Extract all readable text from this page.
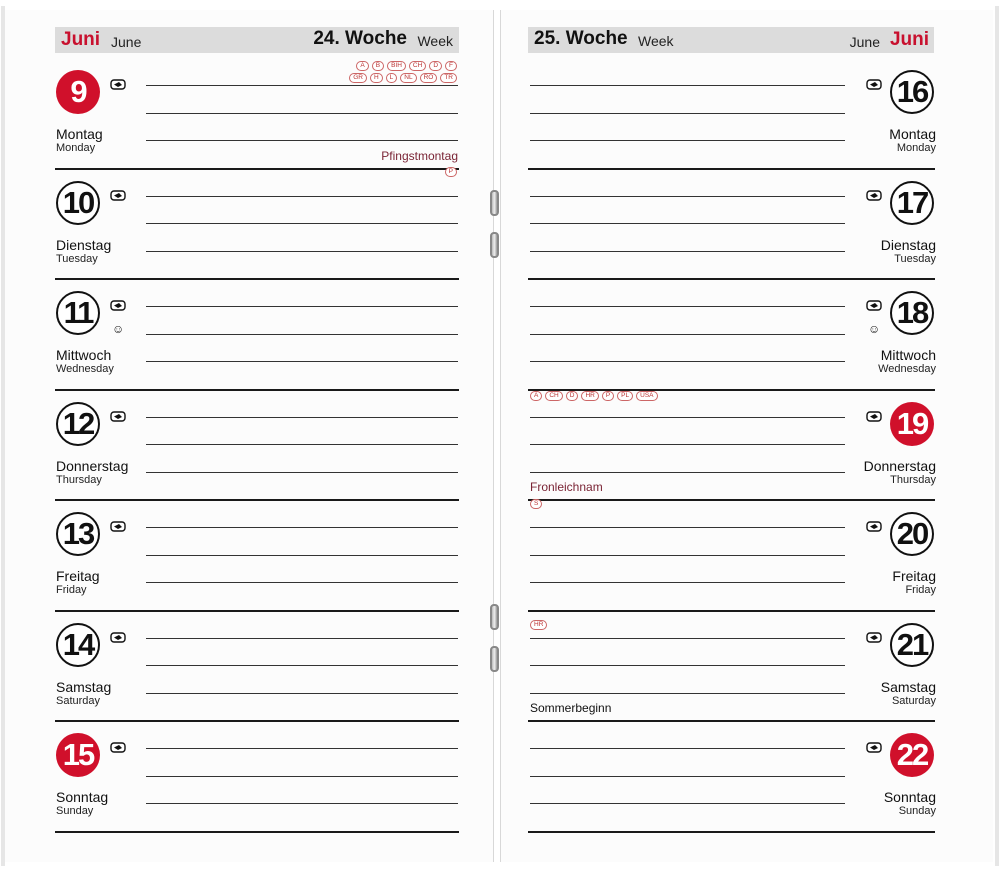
Juni June	24. Woche Week	25. Woche Week	June Juni
9
Montag
Monday
A	B	BIH	CH	D	F
GR	H	L	NL	RO	TR
Pfingstmontag
10
Dienstag
Tuesday
P
11	☺
Mittwoch
Wednesday
12
Donnerstag
Thursday
13
Freitag
Friday
14
Samstag
Saturday
15
Sonntag
Sunday
16
Montag
Monday
17
Dienstag
Tuesday
18
☺
Mittwoch
Wednesday
19
Donnerstag
Thursday
A	CH	D	HR	P	PL	USA
Fronleichnam
20
Freitag
Friday
S
21
Samstag
Saturday
HR
Sommerbeginn
22
Sonntag
Sunday
